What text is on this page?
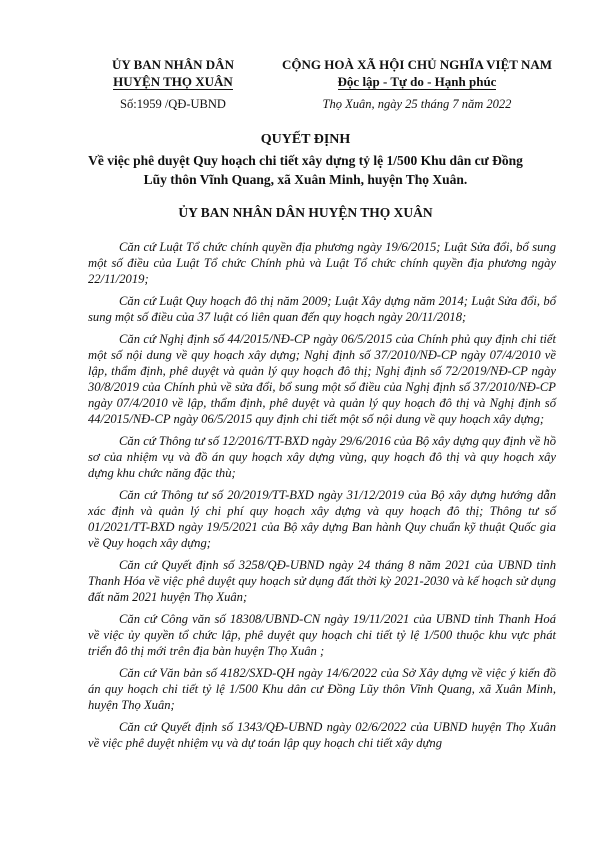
ỦY BAN NHÂN DÂN
HUYỆN THỌ XUÂN
Số:1959 /QĐ-UBND
CỘNG HOÀ XÃ HỘI CHỦ NGHĨA VIỆT NAM
Độc lập - Tự do - Hạnh phúc
Thọ Xuân, ngày 25 tháng 7 năm 2022
QUYẾT ĐỊNH
Về việc phê duyệt Quy hoạch chi tiết xây dựng tỷ lệ 1/500 Khu dân cư Đồng
Lũy thôn Vĩnh Quang, xã Xuân Minh, huyện Thọ Xuân.
ỦY BAN NHÂN DÂN HUYỆN THỌ XUÂN

Căn cứ Luật Tổ chức chính quyền địa phương ngày 19/6/2015; Luật Sửa đổi, bổ sung một số điều của Luật Tổ chức Chính phủ và Luật Tổ chức chính quyền địa phương ngày 22/11/2019;

Căn cứ Luật Quy hoạch đô thị năm 2009; Luật Xây dựng năm 2014; Luật Sửa đổi, bổ sung một số điều của 37 luật có liên quan đến quy hoạch ngày 20/11/2018;

Căn cứ Nghị định số 44/2015/NĐ-CP ngày 06/5/2015 của Chính phủ quy định chi tiết một số nội dung về quy hoạch xây dựng; Nghị định số 37/2010/NĐ-CP ngày 07/4/2010 về lập, thẩm định, phê duyệt và quản lý quy hoạch đô thị; Nghị định số 72/2019/NĐ-CP ngày 30/8/2019 của Chính phủ về sửa đổi, bổ sung một số điều của Nghị định số 37/2010/NĐ-CP ngày 07/4/2010 về lập, thẩm định, phê duyệt và quản lý quy hoạch đô thị và Nghị định số 44/2015/NĐ-CP ngày 06/5/2015 quy định chi tiết một số nội dung về quy hoạch xây dựng;

Căn cứ Thông tư số 12/2016/TT-BXD ngày 29/6/2016 của Bộ xây dựng quy định về hồ sơ của nhiệm vụ và đồ án quy hoạch xây dựng vùng, quy hoạch đô thị và quy hoạch xây dựng khu chức năng đặc thù;

Căn cứ Thông tư số 20/2019/TT-BXD ngày 31/12/2019 của Bộ xây dựng hướng dẫn xác định và quản lý chi phí quy hoạch xây dựng và quy hoạch đô thị; Thông tư số 01/2021/TT-BXD ngày 19/5/2021 của Bộ xây dựng Ban hành Quy chuẩn kỹ thuật Quốc gia về Quy hoạch xây dựng;

Căn cứ Quyết định số 3258/QĐ-UBND ngày 24 tháng 8 năm 2021 của UBND tỉnh Thanh Hóa về việc phê duyệt quy hoạch sử dụng đất thời kỳ 2021-2030 và kế hoạch sử dụng đất năm 2021 huyện Thọ Xuân;

Căn cứ Công văn số 18308/UBND-CN ngày 19/11/2021 của UBND tỉnh Thanh Hoá về việc ủy quyền tổ chức lập, phê duyệt quy hoạch chi tiết tỷ lệ 1/500 thuộc khu vực phát triển đô thị mới trên địa bàn huyện Thọ Xuân ;

Căn cứ Văn bản số 4182/SXD-QH ngày 14/6/2022 của Sở Xây dựng về việc ý kiến đồ án quy hoạch chi tiết tỷ lệ 1/500 Khu dân cư Đồng Lũy thôn Vĩnh Quang, xã Xuân Minh, huyện Thọ Xuân;

Căn cứ Quyết định số 1343/QĐ-UBND ngày 02/6/2022 của UBND huyện Thọ Xuân về việc phê duyệt nhiệm vụ và dự toán lập quy hoạch chi tiết xây dựng
